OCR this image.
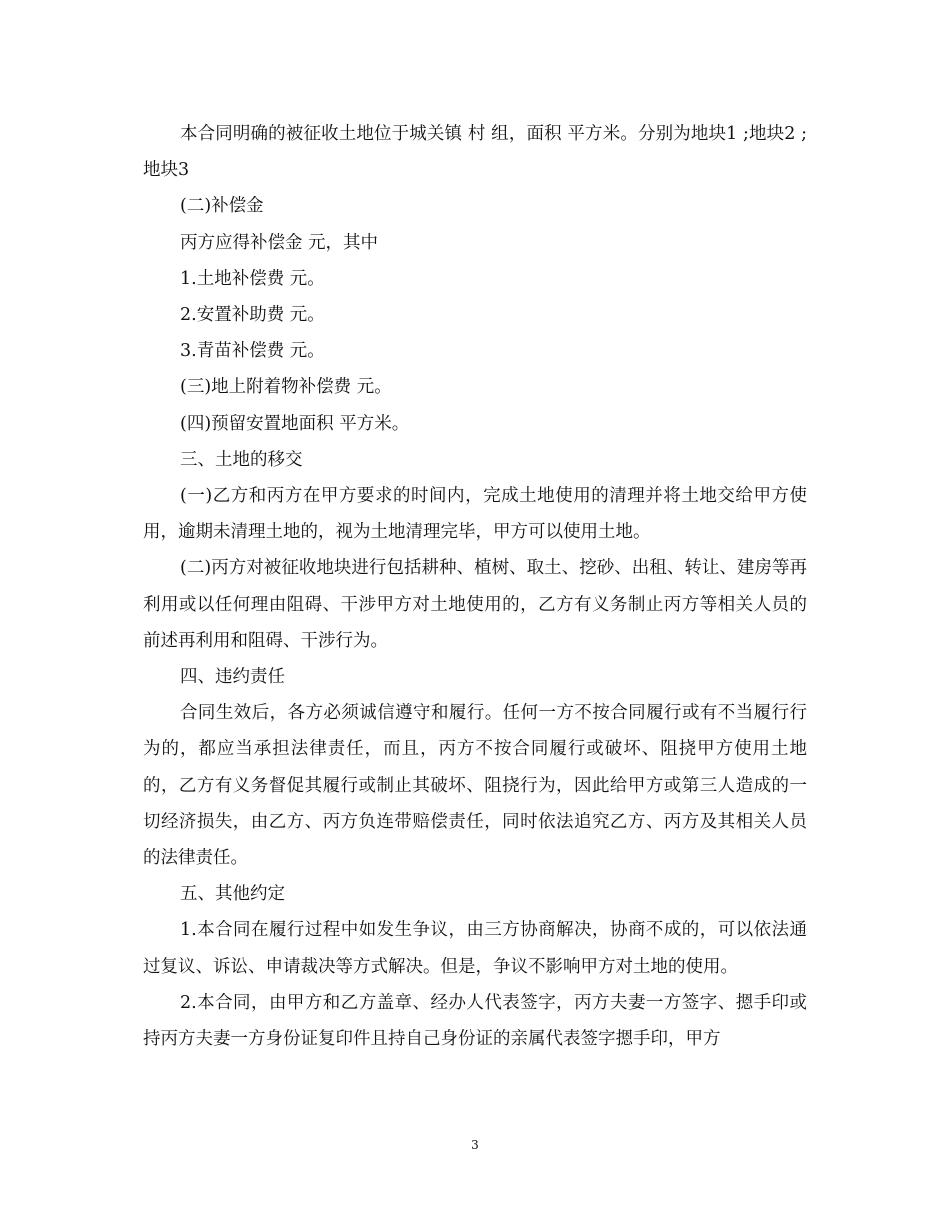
本合同明确的被征收土地位于城关镇 村 组，面积 平方米。分别为地块1 ;地块2 ;地块3

(二)补偿金

丙方应得补偿金 元，其中

1.土地补偿费 元。

2.安置补助费 元。

3.青苗补偿费 元。

(三)地上附着物补偿费 元。

(四)预留安置地面积 平方米。

三、土地的移交

(一)乙方和丙方在甲方要求的时间内，完成土地使用的清理并将土地交给甲方使用，逾期未清理土地的，视为土地清理完毕，甲方可以使用土地。

(二)丙方对被征收地块进行包括耕种、植树、取土、挖砂、出租、转让、建房等再利用或以任何理由阻碍、干涉甲方对土地使用的，乙方有义务制止丙方等相关人员的前述再利用和阻碍、干涉行为。

四、违约责任

合同生效后，各方必须诚信遵守和履行。任何一方不按合同履行或有不当履行行为的，都应当承担法律责任，而且，丙方不按合同履行或破坏、阻挠甲方使用土地的，乙方有义务督促其履行或制止其破坏、阻挠行为，因此给甲方或第三人造成的一切经济损失，由乙方、丙方负连带赔偿责任，同时依法追究乙方、丙方及其相关人员的法律责任。

五、其他约定

1.本合同在履行过程中如发生争议，由三方协商解决，协商不成的，可以依法通过复议、诉讼、申请裁决等方式解决。但是，争议不影响甲方对土地的使用。

2.本合同，由甲方和乙方盖章、经办人代表签字，丙方夫妻一方签字、摁手印或持丙方夫妻一方身份证复印件且持自己身份证的亲属代表签字摁手印，甲方

3
